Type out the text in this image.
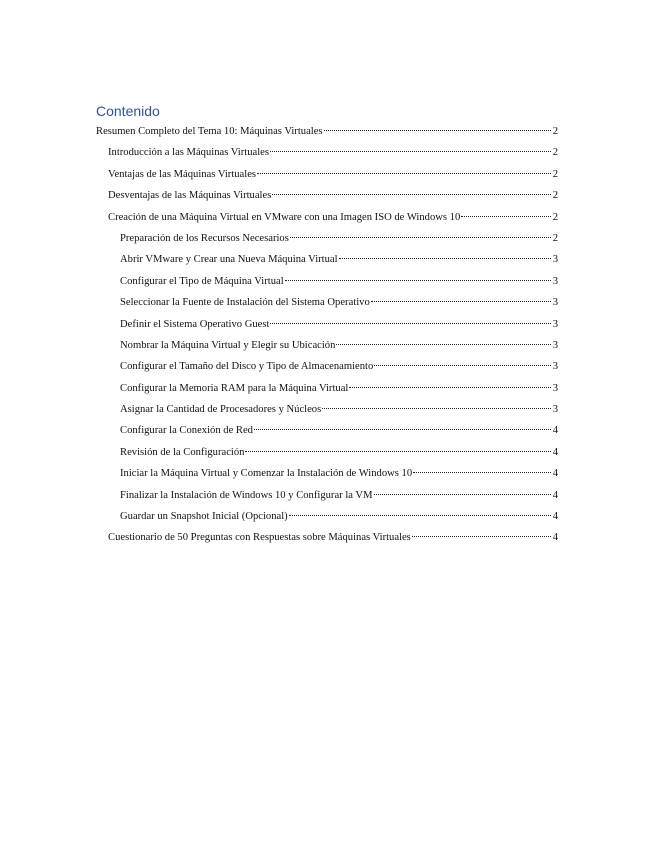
Contenido
Resumen Completo del Tema 10: Máquinas Virtuales	2
Introducción a las Máquinas Virtuales	2
Ventajas de las Máquinas Virtuales	2
Desventajas de las Máquinas Virtuales	2
Creación de una Máquina Virtual en VMware con una Imagen ISO de Windows 10	2
Preparación de los Recursos Necesarios	2
Abrir VMware y Crear una Nueva Máquina Virtual	3
Configurar el Tipo de Máquina Virtual	3
Seleccionar la Fuente de Instalación del Sistema Operativo	3
Definir el Sistema Operativo Guest	3
Nombrar la Máquina Virtual y Elegir su Ubicación	3
Configurar el Tamaño del Disco y Tipo de Almacenamiento	3
Configurar la Memoria RAM para la Máquina Virtual	3
Asignar la Cantidad de Procesadores y Núcleos	3
Configurar la Conexión de Red	4
Revisión de la Configuración	4
Iniciar la Máquina Virtual y Comenzar la Instalación de Windows 10	4
Finalizar la Instalación de Windows 10 y Configurar la VM	4
Guardar un Snapshot Inicial (Opcional)	4
Cuestionario de 50 Preguntas con Respuestas sobre Máquinas Virtuales	4
